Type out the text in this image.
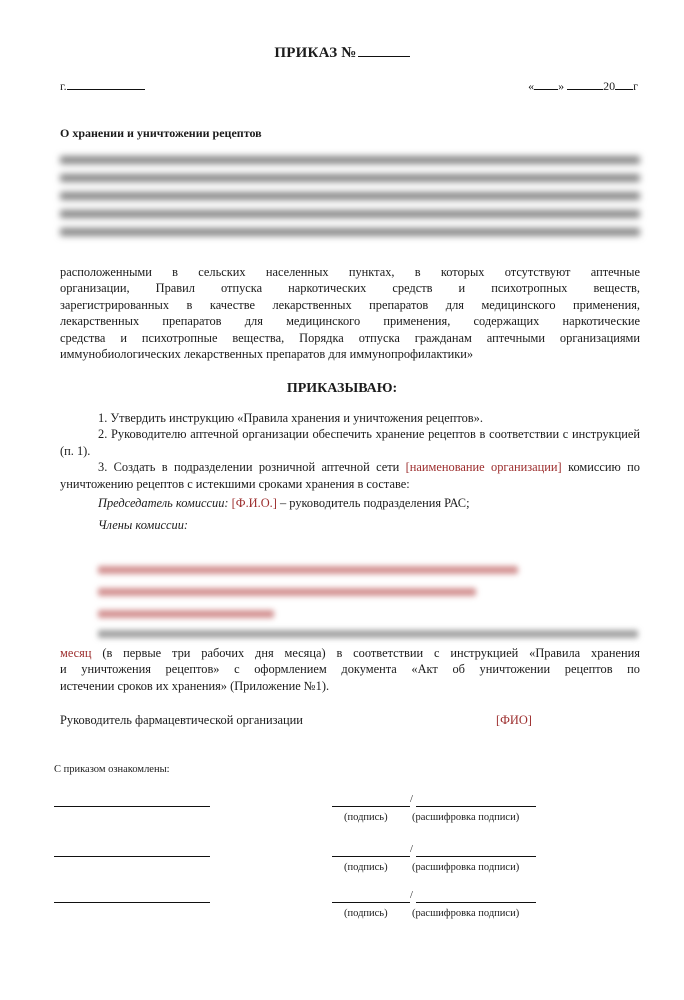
ПРИКАЗ №
г.	« »	20 г
О хранении и уничтожении рецептов

расположенными в сельских населенных пунктах, в которых отсутствуют аптечные

организации, Правил отпуска наркотических средств и психотропных веществ,

зарегистрированных в качестве лекарственных препаратов для медицинского применения,

лекарственных препаратов для медицинского применения, содержащих наркотические

средства и психотропные вещества, Порядка отпуска гражданам аптечными организациями

иммунобиологических лекарственных препаратов для иммунопрофилактики»

ПРИКАЗЫВАЮ:

1. Утвердить инструкцию «Правила хранения и уничтожения рецептов».

2. Руководителю аптечной организации обеспечить хранение рецептов в соответствии с инструкцией (п. 1).

3. Создать в подразделении розничной аптечной сети [наименование организации] комиссию по уничтожению рецептов с истекшими сроками хранения в составе:

Председатель комиссии: [Ф.И.О.] – руководитель подразделения РАС;

Члены комиссии:

месяц (в первые три рабочих дня месяца) в соответствии с инструкцией «Правила хранения

и уничтожения рецептов» с оформлением документа «Акт об уничтожении рецептов по

истечении сроков их хранения» (Приложение №1).

Руководитель фармацевтической организации	[ФИО]
С приказом ознакомлены:
/
(подпись) (расшифровка подписи)
/
(подпись) (расшифровка подписи)
/
(подпись) (расшифровка подписи)
